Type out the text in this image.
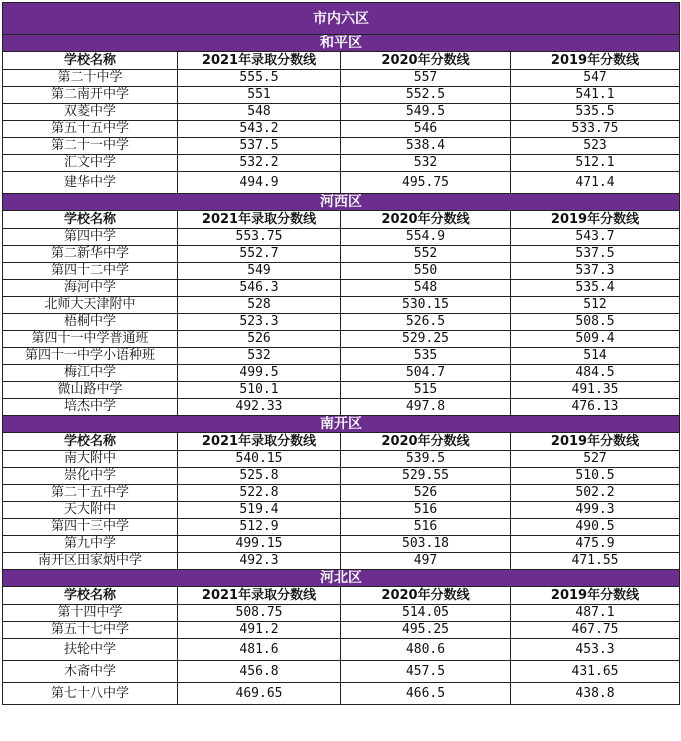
市内六区			
和平区			
学校名称	2021年录取分数线	2020年分数线	2019年分数线
第二十中学	555.5	557	547
第二南开中学	551	552.5	541.1
双菱中学	548	549.5	535.5
第五十五中学	543.2	546	533.75
第二十一中学	537.5	538.4	523
汇文中学	532.2	532	512.1
建华中学	494.9	495.75	471.4
河西区			
学校名称	2021年录取分数线	2020年分数线	2019年分数线
第四中学	553.75	554.9	543.7
第二新华中学	552.7	552	537.5
第四十二中学	549	550	537.3
海河中学	546.3	548	535.4
北师大天津附中	528	530.15	512
梧桐中学	523.3	526.5	508.5
第四十一中学普通班	526	529.25	509.4
第四十一中学小语种班	532	535	514
梅江中学	499.5	504.7	484.5
微山路中学	510.1	515	491.35
培杰中学	492.33	497.8	476.13
南开区			
学校名称	2021年录取分数线	2020年分数线	2019年分数线
南大附中	540.15	539.5	527
崇化中学	525.8	529.55	510.5
第二十五中学	522.8	526	502.2
天大附中	519.4	516	499.3
第四十三中学	512.9	516	490.5
第九中学	499.15	503.18	475.9
南开区田家炳中学	492.3	497	471.55
河北区			
学校名称	2021年录取分数线	2020年分数线	2019年分数线
第十四中学	508.75	514.05	487.1
第五十七中学	491.2	495.25	467.75
扶轮中学	481.6	480.6	453.3
木斋中学	456.8	457.5	431.65
第七十八中学	469.65	466.5	438.8
